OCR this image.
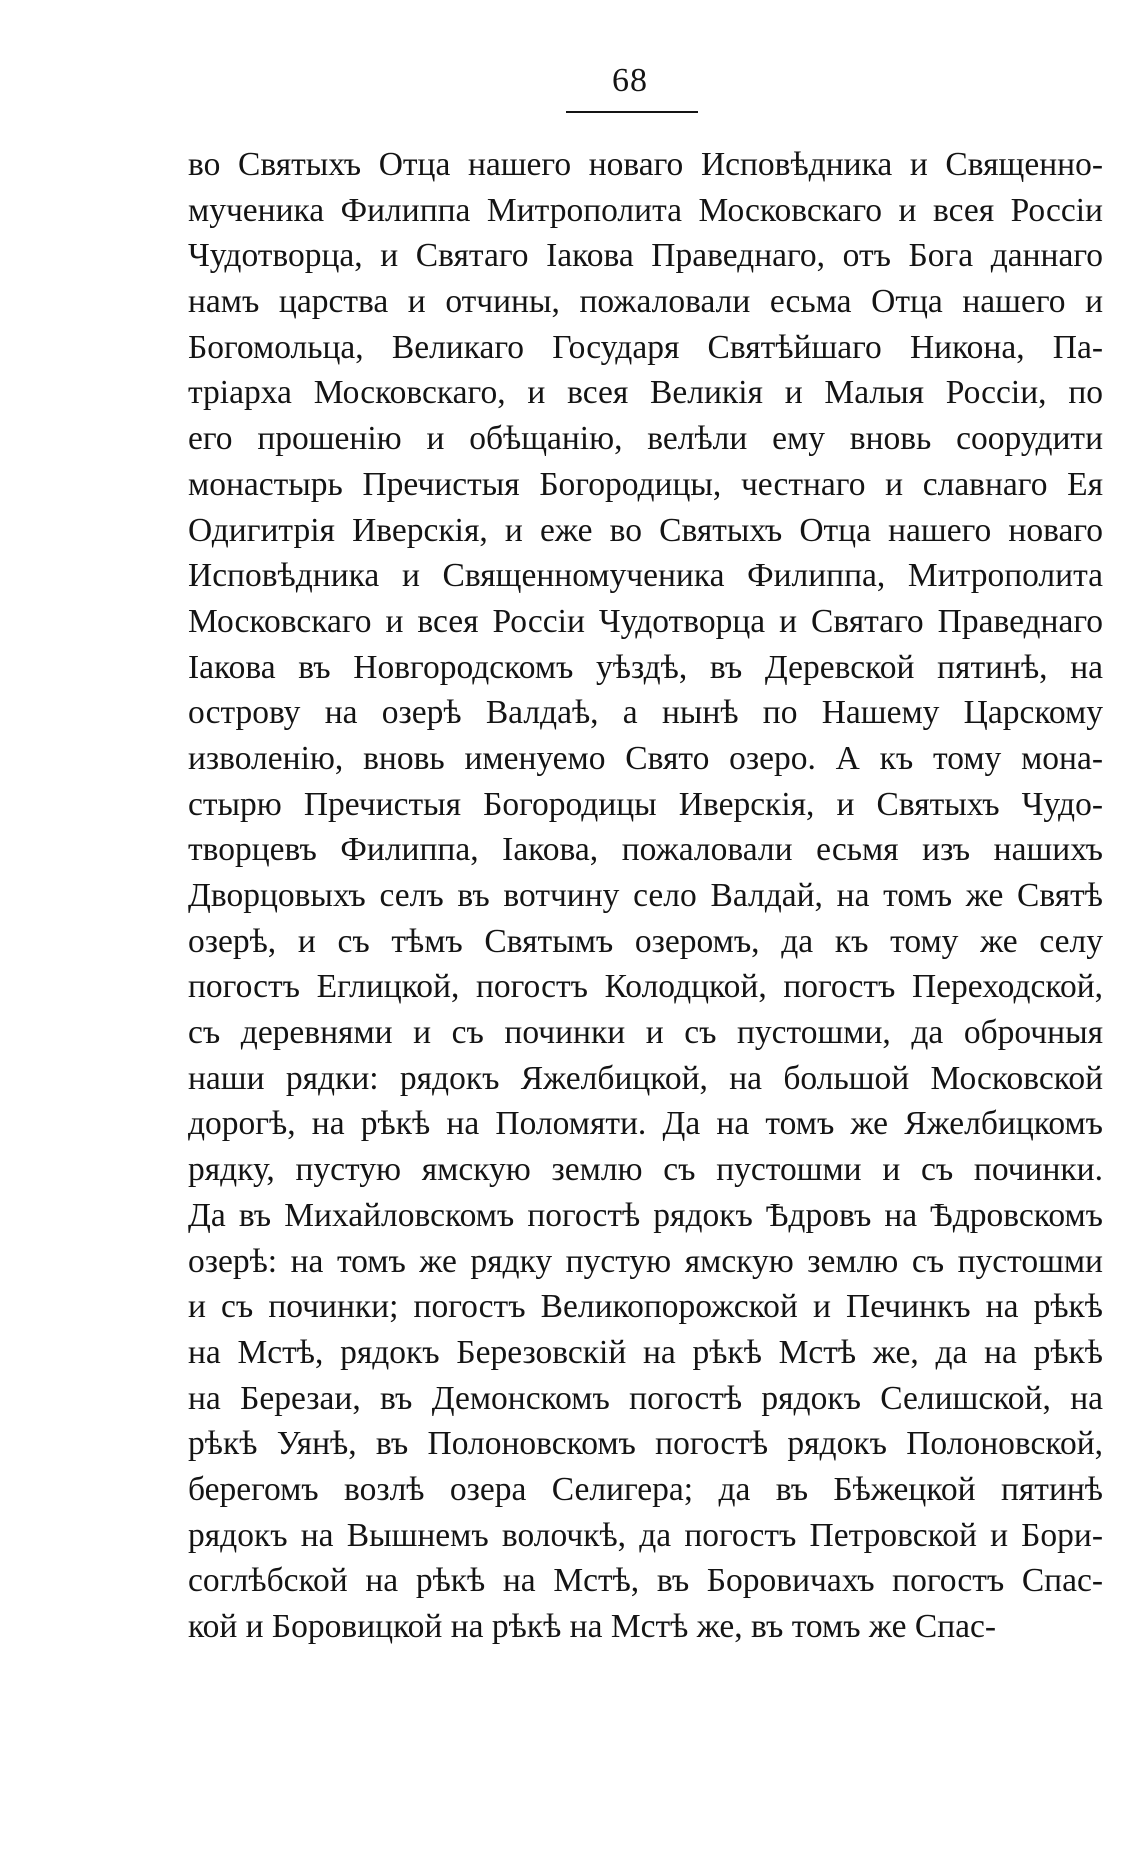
68
во Святыхъ Отца нашего новаго Исповѣдника и Священно-
мученика Филиппа Митрополита Московскаго и всея Россіи
Чудотворца, и Святаго Іакова Праведнаго, отъ Бога даннаго
намъ царства и отчины, пожаловали есьма Отца нашего и
Богомольца, Великаго Государя Святѣйшаго Никона, Па-
тріарха Московскаго, и всея Великія и Малыя Россіи, по
его прошенію и обѣщанію, велѣли ему вновь соорудити
монастырь Пречистыя Богородицы, честнаго и славнаго Ея
Одигитрія Иверскія, и еже во Святыхъ Отца нашего новаго
Исповѣдника и Священномученика Филиппа, Митрополита
Московскаго и всея Россіи Чудотворца и Святаго Праведнаго
Іакова въ Новгородскомъ уѣздѣ, въ Деревской пятинѣ, на
острову на озерѣ Валдаѣ, а нынѣ по Нашему Царскому
изволенію, вновь именуемо Свято озеро. А къ тому мона-
стырю Пречистыя Богородицы Иверскія, и Святыхъ Чудо-
творцевъ Филиппа, Іакова, пожаловали есьмя изъ нашихъ
Дворцовыхъ селъ въ вотчину село Валдай, на томъ же Святѣ
озерѣ, и съ тѣмъ Святымъ озеромъ, да къ тому же селу
погостъ Еглицкой, погостъ Колодцкой, погостъ Переходской,
съ деревнями и съ починки и съ пустошми, да оброчныя
наши рядки: рядокъ Яжелбицкой, на большой Московской
дорогѣ, на рѣкѣ на Поломяти. Да на томъ же Яжелбицкомъ
рядку, пустую ямскую землю съ пустошми и съ починки.
Да въ Михайловскомъ погостѣ рядокъ Ѣдровъ на Ѣдровскомъ
озерѣ: на томъ же рядку пустую ямскую землю съ пустошми
и съ починки; погостъ Великопорожской и Печинкъ на рѣкѣ
на Мстѣ, рядокъ Березовскій на рѣкѣ Мстѣ же, да на рѣкѣ
на Березаи, въ Демонскомъ погостѣ рядокъ Селишской, на
рѣкѣ Уянѣ, въ Полоновскомъ погостѣ рядокъ Полоновской,
берегомъ возлѣ озера Селигера; да въ Бѣжецкой пятинѣ
рядокъ на Вышнемъ волочкѣ, да погостъ Петровской и Бори-
соглѣбской на рѣкѣ на Мстѣ, въ Боровичахъ погостъ Спас-
кой и Боровицкой на рѣкѣ на Мстѣ же, въ томъ же Спас-
